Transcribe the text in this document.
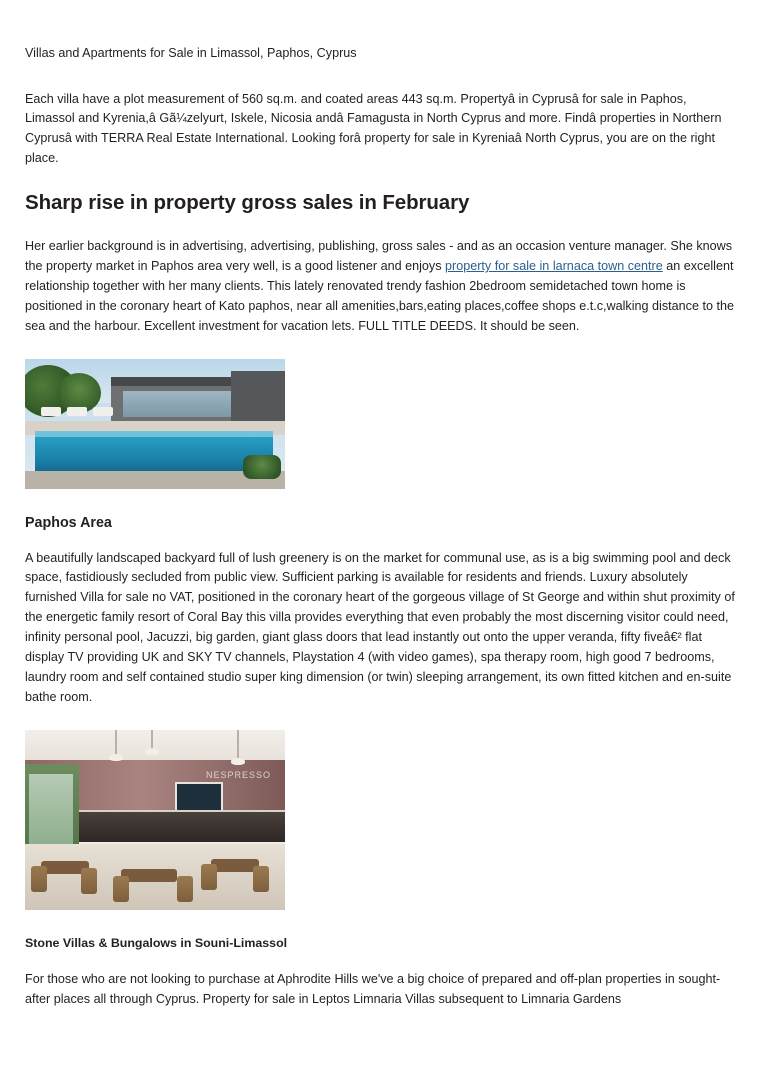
Villas and Apartments for Sale in Limassol, Paphos, Cyprus

Each villa have a plot measurement of 560 sq.m. and coated areas 443 sq.m. Propertyâ in Cyprusâ for sale in Paphos, Limassol and Kyrenia,â Gã¼zelyurt, Iskele, Nicosia andâ Famagusta in North Cyprus and more. Findâ properties in Northern Cyprusâ with TERRA Real Estate International. Looking forâ property for sale in Kyreniaâ North Cyprus, you are on the right place.

Sharp rise in property gross sales in February

Her earlier background is in advertising, advertising, publishing, gross sales - and as an occasion venture manager. She knows the property market in Paphos area very well, is a good listener and enjoys property for sale in larnaca town centre an excellent relationship together with her many clients. This lately renovated trendy fashion 2bedroom semidetached town home is positioned in the coronary heart of Kato paphos, near all amenities,bars,eating places,coffee shops e.t.c,walking distance to the sea and the harbour. Excellent investment for vacation lets. FULL TITLE DEEDS. It should be seen.

Paphos Area

A beautifully landscaped backyard full of lush greenery is on the market for communal use, as is a big swimming pool and deck space, fastidiously secluded from public view. Sufficient parking is available for residents and friends. Luxury absolutely furnished Villa for sale no VAT, positioned in the coronary heart of the gorgeous village of St George and within shut proximity of the energetic family resort of Coral Bay this villa provides everything that even probably the most discerning visitor could need, infinity personal pool, Jacuzzi, big garden, giant glass doors that lead instantly out onto the upper veranda, fifty fiveâ€² flat display TV providing UK and SKY TV channels, Playstation 4 (with video games), spa therapy room, high good 7 bedrooms, laundry room and self contained studio super king dimension (or twin) sleeping arrangement, its own fitted kitchen and en-suite bathe room.

NESPRESSO
Stone Villas & Bungalows in Souni-Limassol

For those who are not looking to purchase at Aphrodite Hills we've a big choice of prepared and off-plan properties in sought-after places all through Cyprus. Property for sale in Leptos Limnaria Villas subsequent to Limnaria Gardens
